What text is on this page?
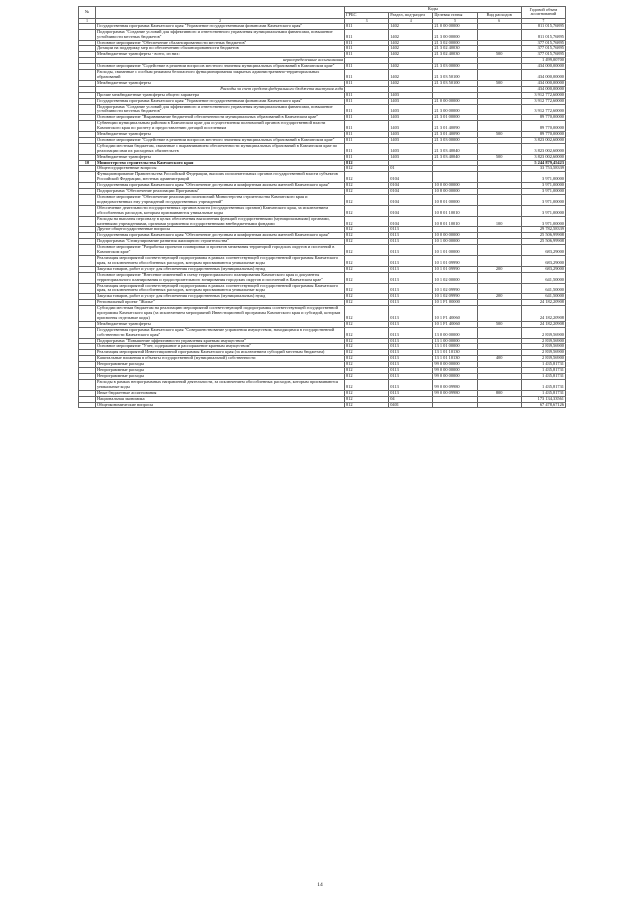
№		Коды				Годовой объем ассигнований
		ГРБС	Раздел, под-раздел	Целевая статья	Вид расходов	
1	2	3	4	5	6	7
	Государственная программа Камчатского края "Управление государственными финансами Камчатского края"	811	1402	21 0 00 00000		811 015,76895
	Подпрограмма "Создание условий для эффективного и ответственного управления муниципальными финансами, повышение устойчивости местных бюджетов"	811	1402	21 3 00 00000		811 015,76895
	Основное мероприятие "Обеспечение сбалансированности местных бюджетов"	811	1402	21 3 02 00000		377 015,76895
	Дотации на поддержку мер по обеспечению сбалансированности бюджетов	811	1402	21 3 02 40030		377 015,76895
	Межбюджетные трансферты - всего, из них:	811	1402	21 3 02 40030	500	377 015,76895
	нераспределенные ассигнования					1 499,00700
	Основное мероприятие "Содействие в решении вопросов местного значения муниципальных образований в Камчатском крае"	811	1402	21 3 03 00000		434 000,00000
	Расходы, связанные с особым режимом безопасного функционирования закрытых административно-территориальных образований	811	1402	21 3 03 50100		434 000,00000
	Межбюджетные трансферты	811	1402	21 3 03 50100	500	434 000,00000
	Расходы за счет средств федерального бюджета выступая года					434 000,00000
	Прочие межбюджетные трансферты общего характера	811	1403			3 912 772,60000
	Государственная программа Камчатского края "Управление государственными финансами Камчатского края"	811	1403	21 0 00 00000		3 912 772,60000
	Подпрограмма "Создание условий для эффективного и ответственного управления муниципальными финансами, повышение устойчивости местных бюджетов"	811	1403	21 3 00 00000		3 912 772,60000
	Основное мероприятие "Выравнивание бюджетной обеспеченности муниципальных образований в Камчатском крае"	811	1403	21 3 01 00000		89 770,00000
	Субвенции муниципальным районам в Камчатском крае для осуществления полномочий органов государственной власти Камчатского края по расчету и предоставлению дотаций поселениям	811	1403	21 3 01 40090		89 770,00000
	Межбюджетные трансферты	811	1403	21 3 01 40090	500	89 770,00000
	Основное мероприятие "Содействие в решении вопросов местного значения муниципальных образований в Камчатском крае"	811	1403	21 3 03 00000		3 823 002,60000
	Субсидии местным бюджетам, связанные с выравниванием обеспеченности муниципальных образований в Камчатском крае по реализации ими их расходных обязательств	811	1403	21 3 03 40040		3 823 002,60000
	Межбюджетные трансферты	811	1403	21 3 03 40040	500	3 823 002,60000
10	Министерство строительства Камчатского края	812				5 244 879,45423
	Общегосударственные вопросы	812	01			33 753,58339
	Функционирование Правительства Российской Федерации, высших исполнительных органов государственной власти субъектов Российской Федерации, местных администраций	812	0104			3 971,00000
	Государственная программа Камчатского края "Обеспечение доступным и комфортным жильем жителей Камчатского края"	812	0104	10 0 00 00000		3 971,00000
	Подпрограмма "Обеспечение реализации Программы"	812	0104	10 8 00 00000		3 971,00000
	Основное мероприятие "Обеспечение реализации полномочий Министерства строительства Камчатского края и подведомственных ему учреждений государственных учреждений"	812	0104	10 8 01 00000		3 971,00000
	Обеспечение деятельности государственных органов власти (государственных органов) Камчатского края, за исключением обособленных расходов, которым присваиваются уникальные коды	812	0104	10 8 01 10010		3 971,00000
	Расходы на выплаты персоналу в целях обеспечения выполнения функций государственными (муниципальными) органами, казенными учреждениями, органами управления государственными внебюджетными фондами	812	0104	10 8 01 10010	100	3 971,00000
	Другие общегосударственные вопросы	812	0113			29 782,58339
	Государственная программа Камчатского края "Обеспечение доступным и комфортным жильем жителей Камчатского края"	812	0113	10 0 00 00000		25 506,99908
	Подпрограмма "Стимулирование развития жилищного строительства"	812	0113	10 1 00 00000		25 506,99908
	Основное мероприятие "Разработка проектов планировки и проектов межевания территорий городских округов и поселений в Камчатском крае"	812	0113	10 1 01 00000		683,29000
	Реализация мероприятий соответствующей подпрограммы в рамках соответствующей государственной программы Камчатского края, за исключением обособленных расходов, которым присваиваются уникальные коды	812	0113	10 1 01 09990		683,29000
	Закупка товаров, работ и услуг для обеспечения государственных (муниципальных) нужд	812	0113	10 1 01 09990	200	683,29000
	Основное мероприятие "Внесение изменений в схему территориального планирования Камчатского края и документы территориального планирования и градостроительного зонирования городских округов и поселений в Камчатском крае"	812	0113	10 1 02 00000		641,50000
	Реализация мероприятий соответствующей подпрограммы в рамках соответствующей государственной программы Камчатского края, за исключением обособленных расходов, которым присваиваются уникальные коды	812	0113	10 1 02 09990		641,50000
	Закупка товаров, работ и услуг для обеспечения государственных (муниципальных) нужд	812	0113	10 1 02 09990	200	641,50000
	Региональный проект "Жилье"	812	0113	10 1 F1 00000		24 182,20908
	Субсидии местным бюджетам на реализацию мероприятий соответствующей подпрограммы соответствующей государственной программы Камчатского края (за исключением мероприятий Инвестиционной программы Камчатского края и субсидий, которым присвоены отдельные коды)	812	0113	10 1 F1 40060		24 182,20908
	Межбюджетные трансферты	812	0113	10 1 F1 40060	500	24 182,20908
	Государственная программа Камчатского края "Совершенствование управления имуществом, находящимся в государственной собственности Камчатского края"	812	0113	13 0 00 00000		2 839,56900
	Подпрограмма "Повышение эффективности управления краевым имуществом"	812	0113	13 1 00 00000		2 839,56900
	Основное мероприятие "Учет, содержание и распоряжение краевым имуществом"	812	0113	13 1 01 00000		2 839,56900
	Реализация мероприятий Инвестиционной программы Камчатского края (за исключением субсидий местным бюджетам)	812	0113	13 1 01 10130		2 839,56900
	Капитальные вложения в объекты государственной (муниципальной) собственности	812	0113	13 1 01 10130	400	2 839,56900
	Непрограммные расходы	812	0113	99 0 00 00000		1 435,81731
	Непрограммные расходы	812	0113	99 0 00 00000		1 435,81731
	Непрограммные расходы	812	0113	99 0 00 00000		1 435,81731
	Расходы в рамках непрограммных направлений деятельности, за исключением обособленных расходов, которым присваиваются уникальные коды	812	0113	99 0 00 09980		1 435,81731
	Иные бюджетные ассигнования	812	0113	99 0 00 09980	800	1 435,81731
	Национальная экономика	812	04			173 134,33561
	Общеэкономические вопросы	812	0401			67 478,67126
14
